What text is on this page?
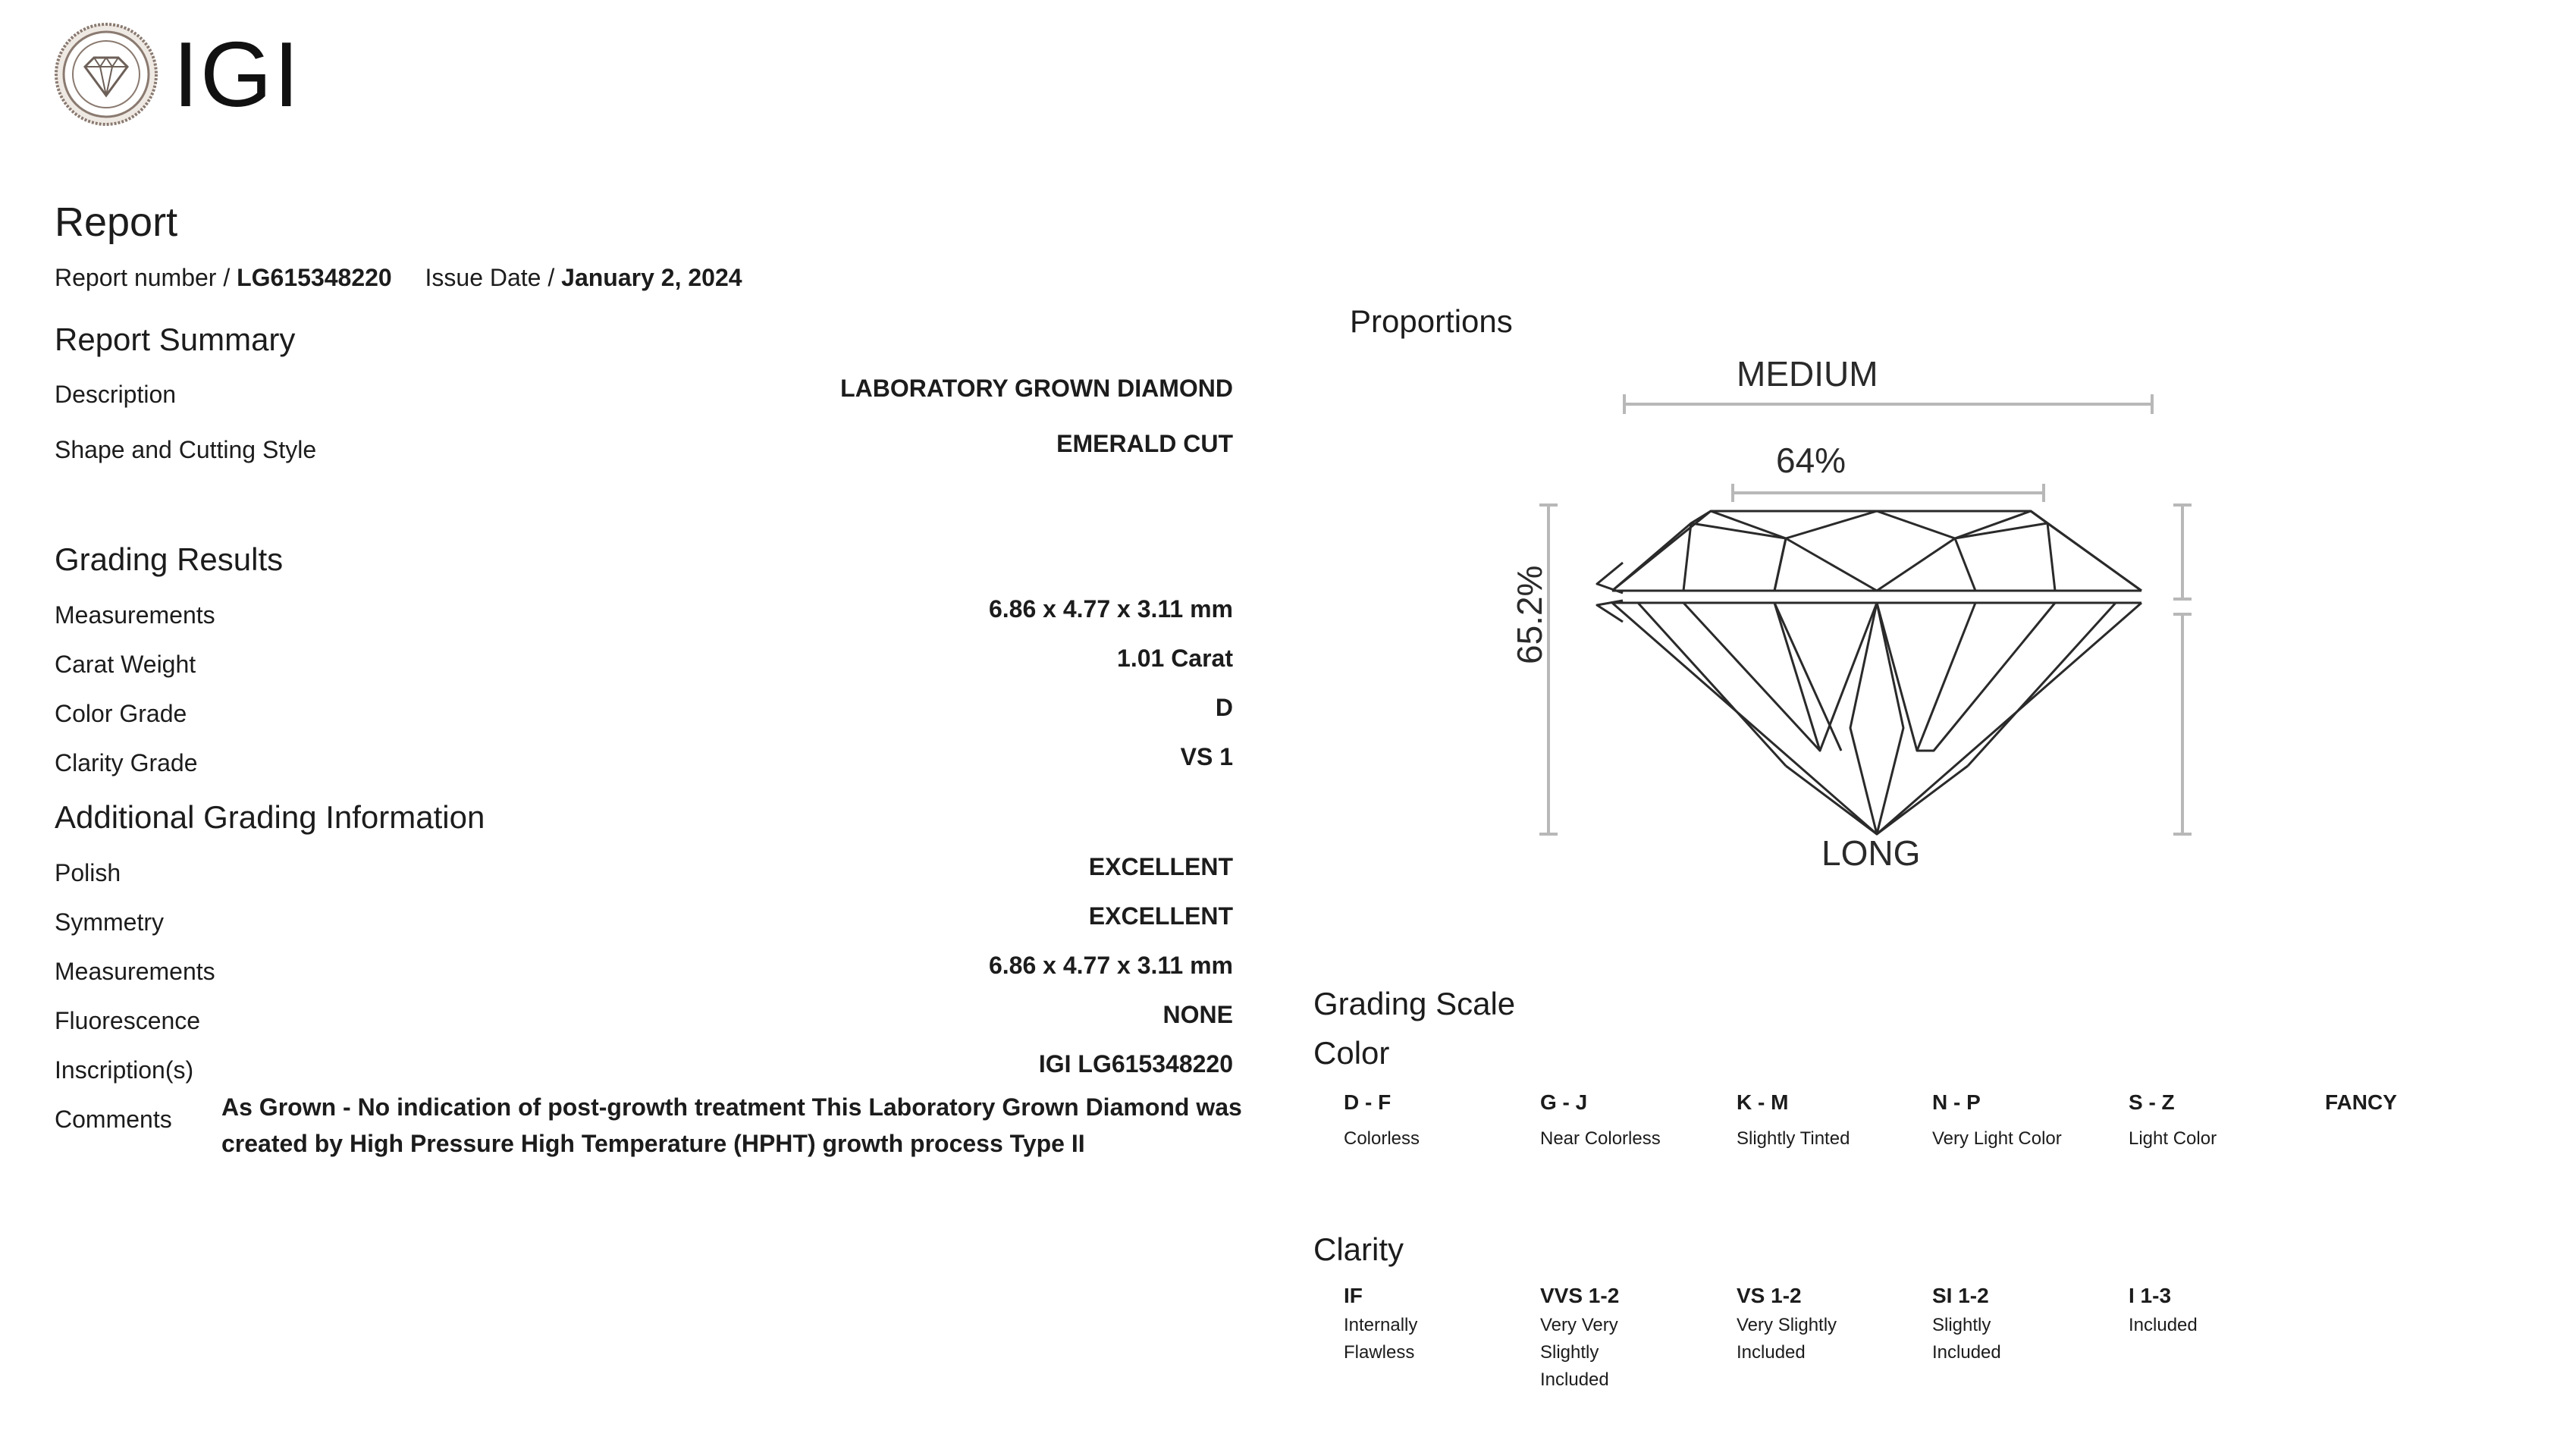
IGI
Report
Report number / LG615348220 Issue Date / January 2, 2024
Report Summary
Description	LABORATORY GROWN DIAMOND
Shape and Cutting Style	EMERALD CUT
Grading Results
Measurements	6.86 x 4.77 x 3.11 mm
Carat Weight	1.01 Carat
Color Grade	D
Clarity Grade	VS 1
Additional Grading Information
Polish	EXCELLENT
Symmetry	EXCELLENT
Measurements	6.86 x 4.77 x 3.11 mm
Fluorescence	NONE
Inscription(s)	IGI LG615348220
Comments As Grown - No indication of post-growth treatment This Laboratory Grown Diamond was created by High Pressure High Temperature (HPHT) growth process Type II
Proportions
MEDIUM
64%
65.2%
LONG
Grading Scale
Color
D - F
Colorless
G - J
Near Colorless
K - M
Slightly Tinted
N - P
Very Light Color
S - Z
Light Color
FANCY
Clarity
IF
Internally Flawless
VVS 1-2
Very Very Slightly Included
VS 1-2
Very Slightly Included
SI 1-2
Slightly Included
I 1-3
Included
